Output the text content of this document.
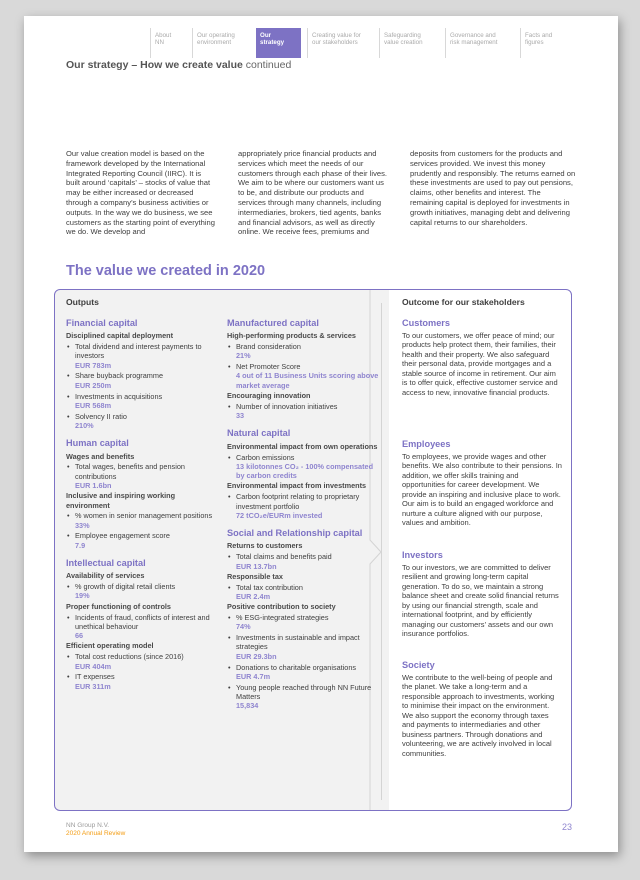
About
NN
Our operating
environment
Our
strategy
Creating value for
our stakeholders
Safeguarding
value creation
Governance and
risk management
Facts and
figures
Our strategy – How we create value continued

Our value creation model is based on the framework developed by the International Integrated Reporting Council (IIRC). It is built around ‘capitals’ – stocks of value that may be either increased or decreased through a company’s business activities or outputs. In the way we do business, we see customers as the starting point of everything we do. We develop and

appropriately price financial products and services which meet the needs of our customers through each phase of their lives. We aim to be where our customers want us to be, and distribute our products and services through many channels, including intermediaries, brokers, tied agents, banks and financial advisors, as well as directly online. We receive fees, premiums and

deposits from customers for the products and services provided. We invest this money prudently and responsibly. The returns earned on these investments are used to pay out pensions, claims, other benefits and interest. The remaining capital is deployed for investments in growth initiatives, managing debt and delivering capital returns to our shareholders.

The value we created in 2020
Outputs	Outcome for our stakeholders
Financial capital
Disciplined capital deployment
• Total dividend and interest payments to investors
EUR 783m
• Share buyback programme
EUR 250m
• Investments in acquisitions
EUR 568m
• Solvency II ratio
210%
Human capital
Wages and benefits
• Total wages, benefits and pension contributions
EUR 1.6bn
Inclusive and inspiring working environment
• % women in senior management positions
33%
• Employee engagement score
7.9
Intellectual capital
Availability of services
• % growth of digital retail clients
19%
Proper functioning of controls
• Incidents of fraud, conflicts of interest and unethical behaviour
66
Efficient operating model
• Total cost reductions (since 2016)
EUR 404m
• IT expenses
EUR 311m
Manufactured capital
High-performing products & services
• Brand consideration
21%
• Net Promoter Score
4 out of 11 Business Units scoring above market average
Encouraging innovation
• Number of innovation initiatives
33
Natural capital
Environmental impact from own operations
• Carbon emissions
13 kilotonnes CO₂ - 100% compensated by carbon credits
Environmental impact from investments
• Carbon footprint relating to proprietary investment portfolio
72 tCO₂e/EURm invested
Social and Relationship capital
Returns to customers
• Total claims and benefits paid
EUR 13.7bn
Responsible tax
• Total tax contribution
EUR 2.4m
Positive contribution to society
• % ESG-integrated strategies
74%
• Investments in sustainable and impact strategies
EUR 29.3bn
• Donations to charitable organisations
EUR 4.7m
• Young people reached through NN Future Matters
15,834
Customers

To our customers, we offer peace of mind; our products help protect them, their families, their health and their property. We also safeguard their personal data, provide mortgages and a stable source of income in retirement. Our aim is to offer quick, effective customer service and access to new, innovative financial products.

Employees

To employees, we provide wages and other benefits. We also contribute to their pensions. In addition, we offer skills training and opportunities for career development. We provide an inspiring and inclusive place to work. Our aim is to build an engaged workforce and nurture a culture aligned with our purpose, values and ambition.

Investors

To our investors, we are committed to deliver resilient and growing long-term capital generation. To do so, we maintain a strong balance sheet and create solid financial returns by using our financial strength, scale and international footprint, and by efficiently managing our customers’ assets and our own insurance portfolios.

Society

We contribute to the well-being of people and the planet. We take a long-term and a responsible approach to investments, working to minimise their impact on the environment. We also support the economy through taxes and payments to intermediaries and other business partners. Through donations and volunteering, we are actively involved in local communities.

NN Group N.V.
2020 Annual Review
23
